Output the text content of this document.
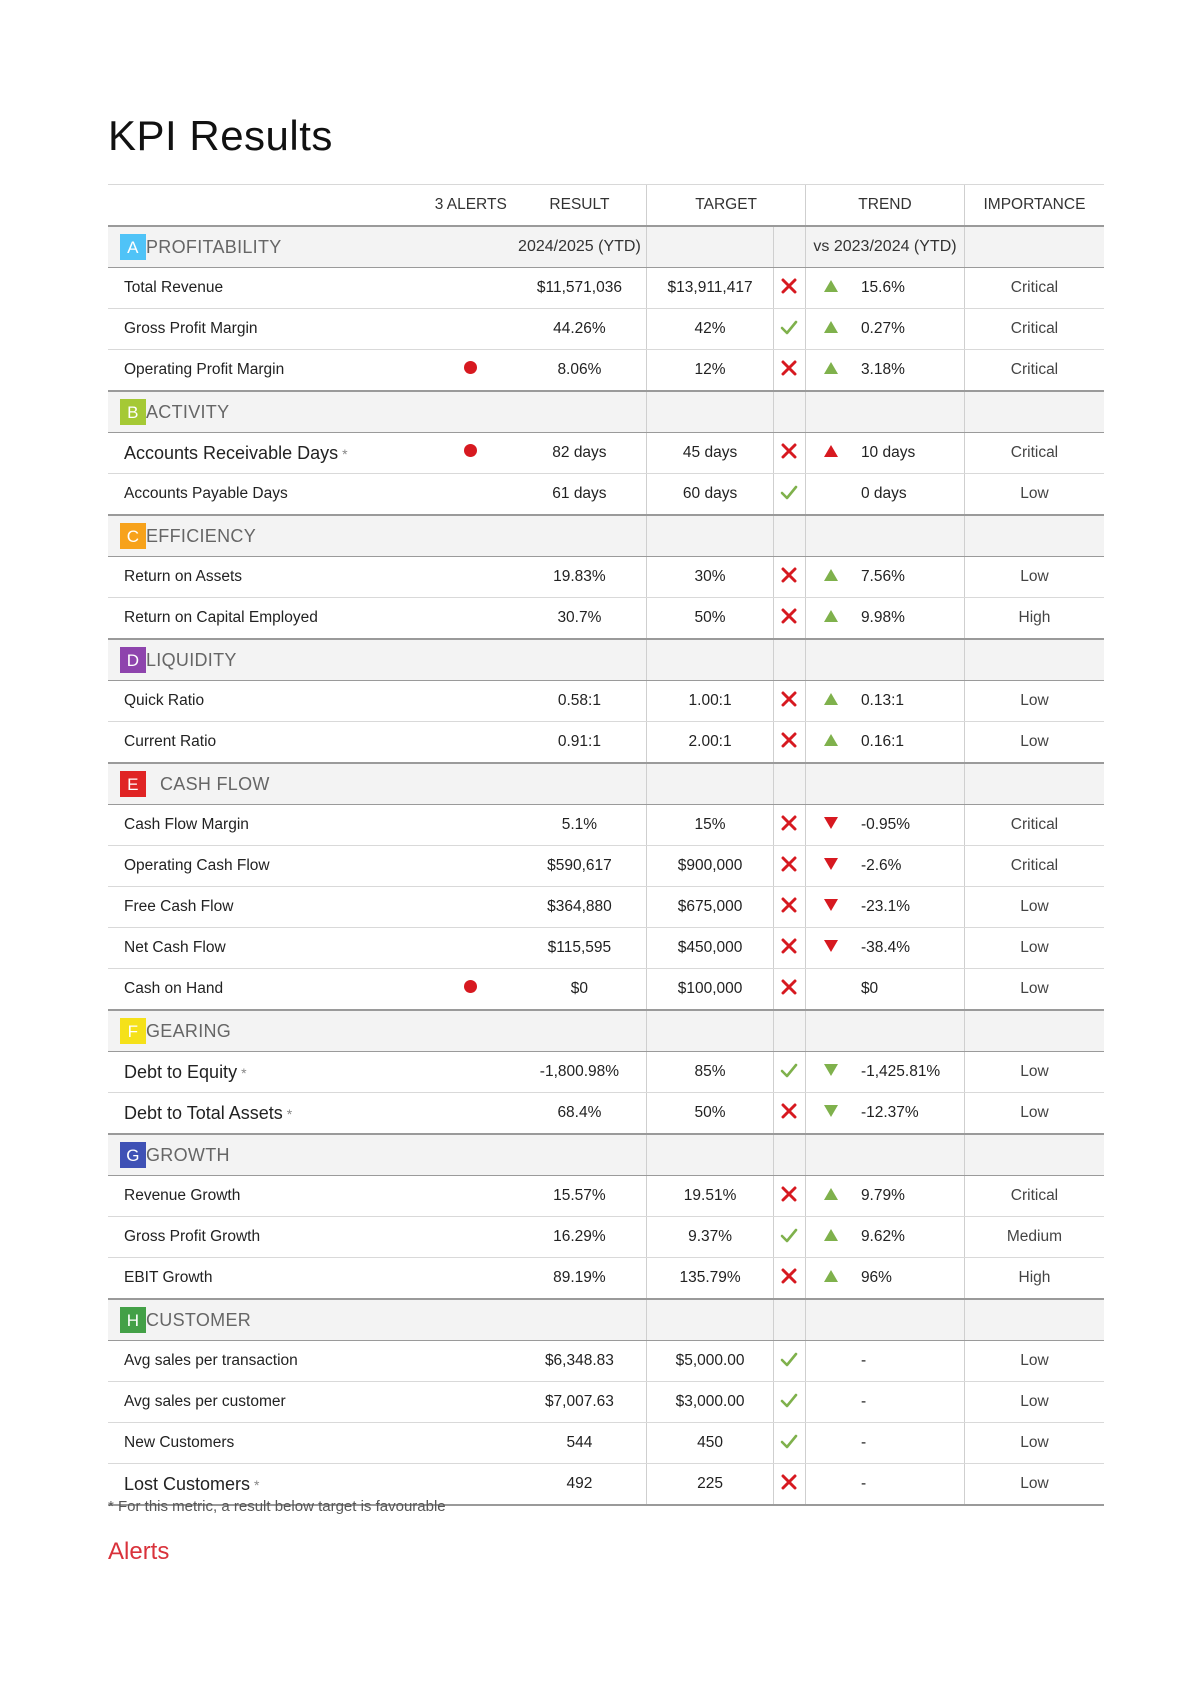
KPI Results
	3 ALERTS	RESULT	TARGET		TREND		IMPORTANCE

A PROFITABILITY		2024/2025 (YTD)			vs 2023/2024 (YTD)		
Total Revenue		$11,571,036	$13,911,417			15.6%	Critical
Gross Profit Margin		44.26%	42%			0.27%	Critical
Operating Profit Margin		8.06%	12%			3.18%	Critical

B ACTIVITY							

Accounts Receivable Days *		82 days	45 days			10 days	Critical
Accounts Payable Days		61 days	60 days			0 days	Low

C EFFICIENCY							

Return on Assets		19.83%	30%			7.56%	Low
Return on Capital Employed		30.7%	50%			9.98%	High

D LIQUIDITY							

Quick Ratio		0.58:1	1.00:1			0.13:1	Low
Current Ratio		0.91:1	2.00:1			0.16:1	Low

E CASH FLOW							

Cash Flow Margin		5.1%	15%			-0.95%	Critical
Operating Cash Flow		$590,617	$900,000			-2.6%	Critical
Free Cash Flow		$364,880	$675,000			-23.1%	Low
Net Cash Flow		$115,595	$450,000			-38.4%	Low
Cash on Hand		$0	$100,000			$0	Low

F GEARING							

Debt to Equity *		-1,800.98%	85%			-1,425.81%	Low
Debt to Total Assets *		68.4%	50%			-12.37%	Low

G GROWTH							

Revenue Growth		15.57%	19.51%			9.79%	Critical
Gross Profit Growth		16.29%	9.37%			9.62%	Medium
EBIT Growth		89.19%	135.79%			96%	High

H CUSTOMER							

Avg sales per transaction		$6,348.83	$5,000.00			-	Low
Avg sales per customer		$7,007.63	$3,000.00			-	Low
New Customers		544	450			-	Low
Lost Customers *		492	225			-	Low

* For this metric, a result below target is favourable

Alerts
